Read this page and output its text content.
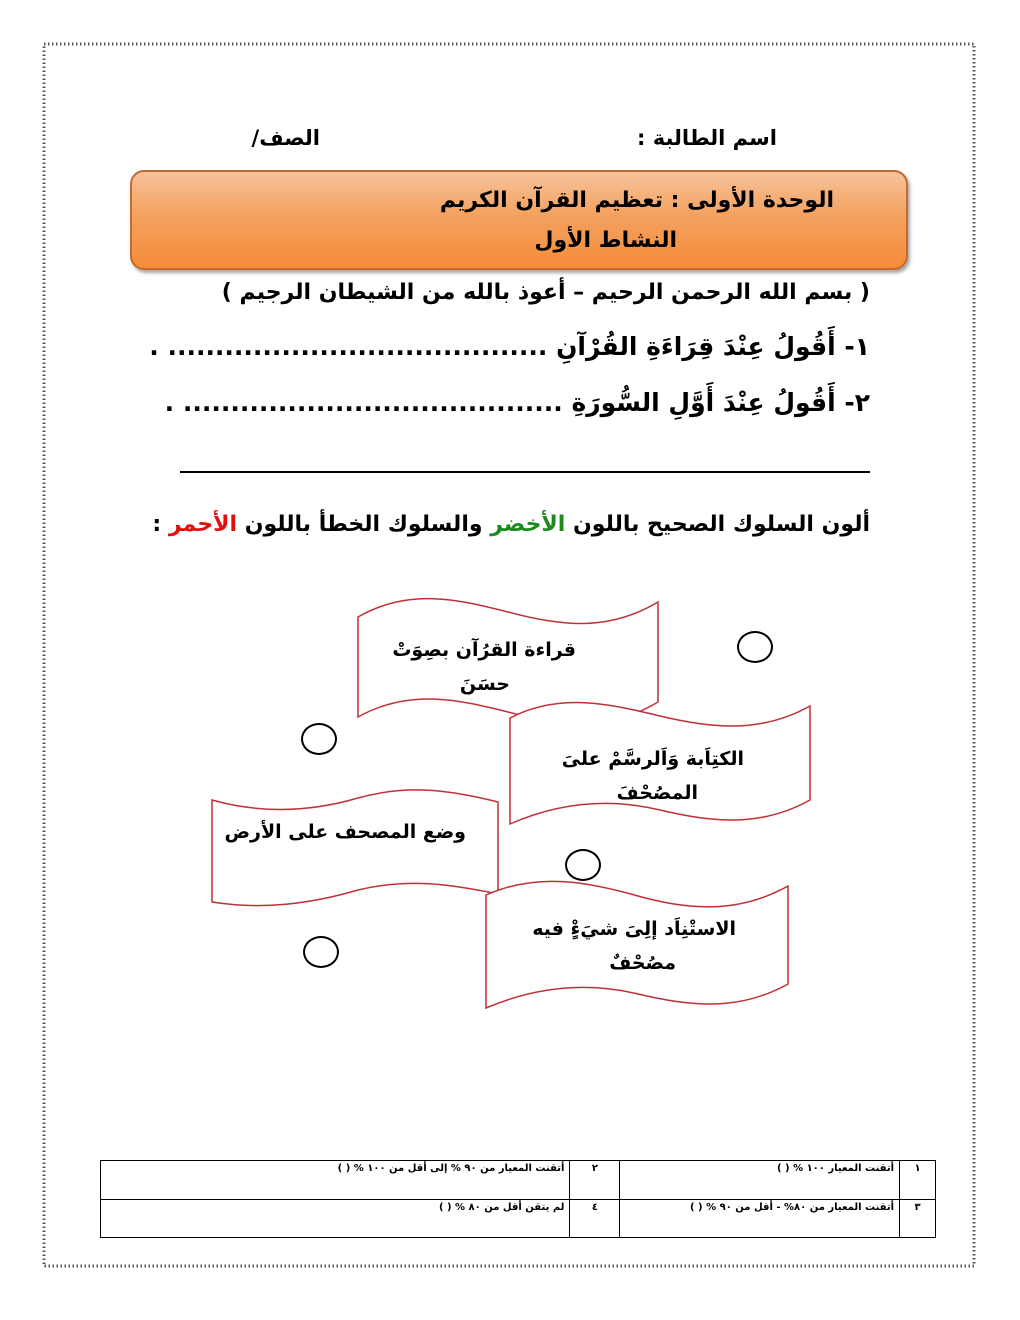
اسم الطالبة :
الصف/
الوحدة الأولى : تعظيم القرآن الكريم
النشاط الأول
( بسم الله الرحمن الرحيم – أعوذ بالله من الشيطان الرجيم )
١- أَقُولُ عِنْدَ قِرَاءَةِ القُرْآنِ ........................................ .
٢- أَقُولُ عِنْدَ أَوَّلِ السُّورَةِ ........................................ .
ألون السلوك الصحيح باللون الأخضر والسلوك الخطأ باللون الأحمر :
قراءة القرُآن بصِوَتْ
حسَنَ
الكتِاَبة وَاَلرسَّمْ علىَ
المصُحْفَ
وضع المصحف على الأرض
الاستْنِاَد إلِىَ شيَءٍْ فيه
مصُحْفٌ
١	أتقنت المعيار ١٠٠ % ( )	٢	أتقنت المعيار من ٩٠ % إلى أقل من ١٠٠ % ( )
٣	أتقنت المعيار من ٨٠% - أقل من ٩٠ % ( )	٤	لم يتقن أقل من ٨٠ % ( )
